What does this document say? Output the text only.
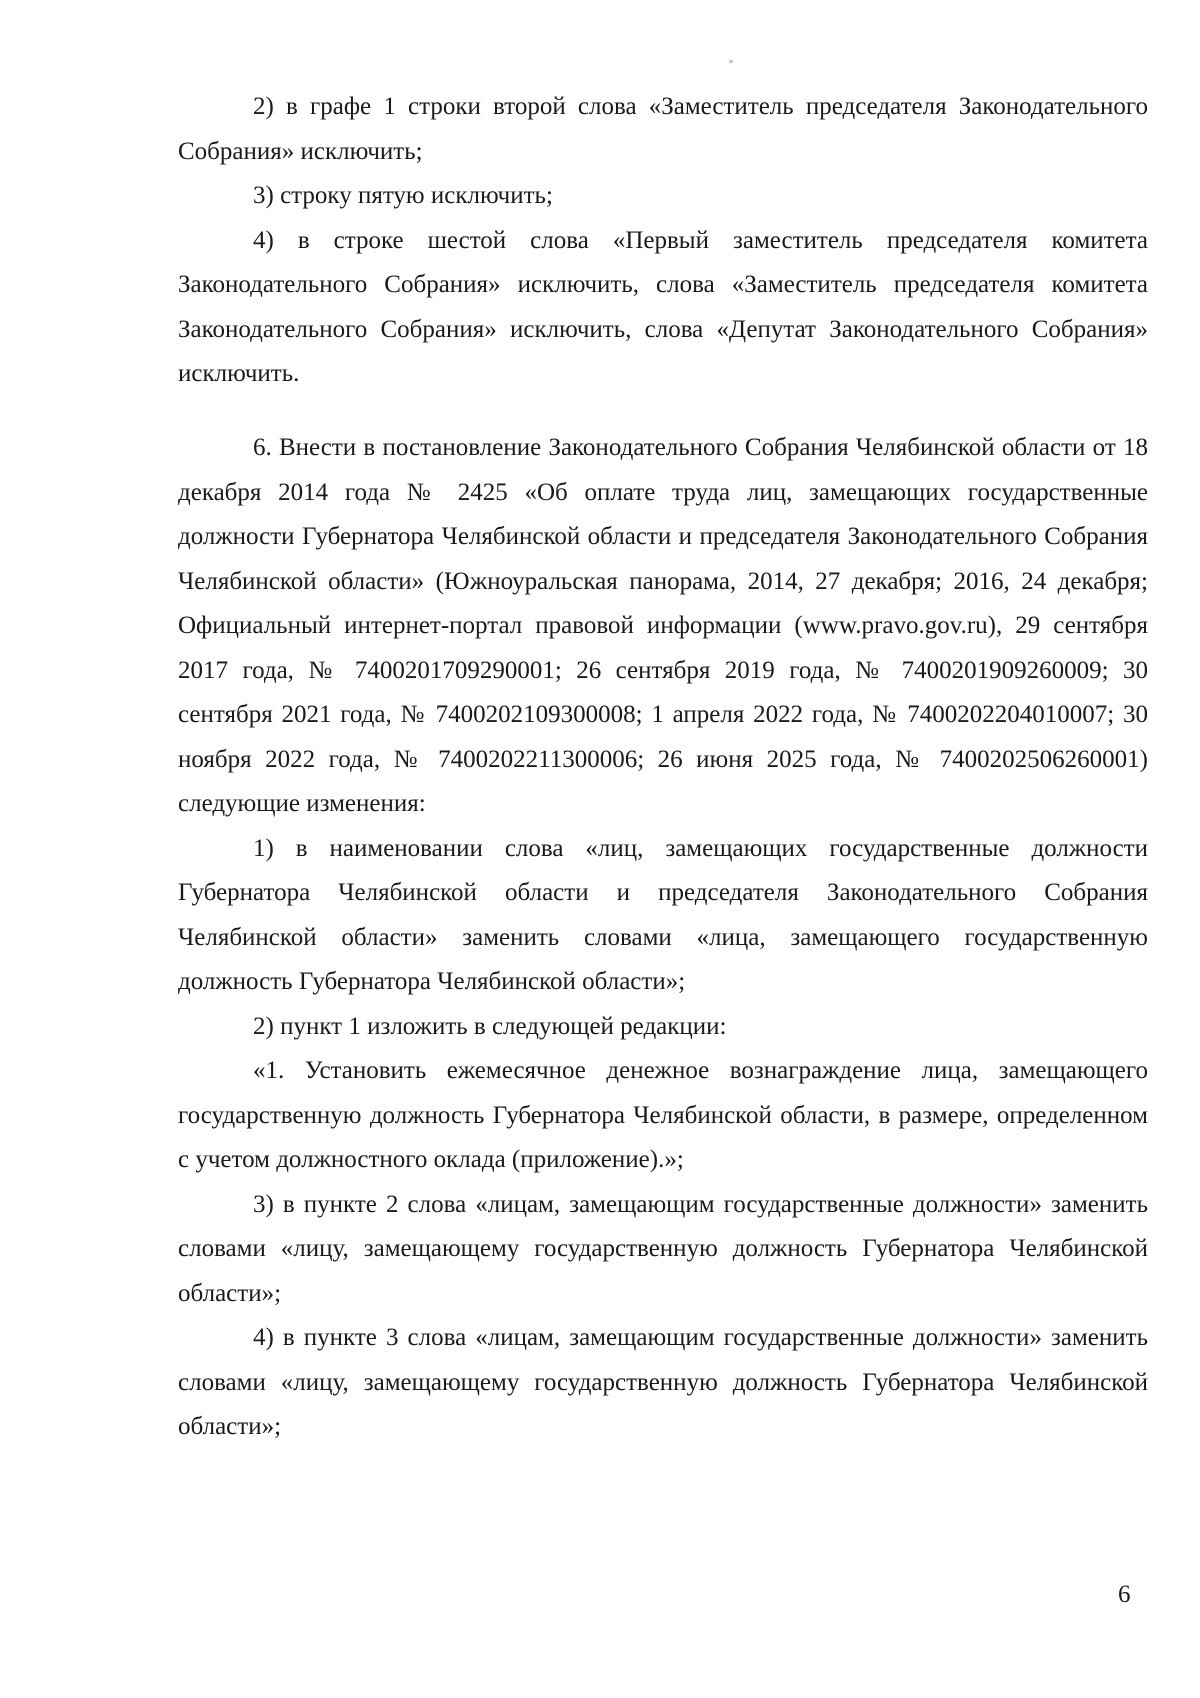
2) в графе 1 строки второй слова «Заместитель председателя Законодательного Собрания» исключить;

3) строку пятую исключить;

4) в строке шестой слова «Первый заместитель председателя комитета Законодательного Собрания» исключить, слова «Заместитель председателя комитета Законодательного Собрания» исключить, слова «Депутат Законодательного Собрания» исключить.

6. Внести в постановление Законодательного Собрания Челябинской области от 18 декабря 2014 года № 2425 «Об оплате труда лиц, замещающих государственные должности Губернатора Челябинской области и председателя Законодательного Собрания Челябинской области» (Южноуральская панорама, 2014, 27 декабря; 2016, 24 декабря; Официальный интернет-портал правовой информации (www.pravo.gov.ru), 29 сентября 2017 года, № 7400201709290001; 26 сентября 2019 года, № 7400201909260009; 30 сентября 2021 года, № 7400202109300008; 1 апреля 2022 года, № 7400202204010007; 30 ноября 2022 года, № 7400202211300006; 26 июня 2025 года, № 7400202506260001) следующие изменения:

1) в наименовании слова «лиц, замещающих государственные должности Губернатора Челябинской области и председателя Законодательного Собрания Челябинской области» заменить словами «лица, замещающего государственную должность Губернатора Челябинской области»;

2) пункт 1 изложить в следующей редакции:

«1. Установить ежемесячное денежное вознаграждение лица, замещающего государственную должность Губернатора Челябинской области, в размере, определенном с учетом должностного оклада (приложение).»;

3) в пункте 2 слова «лицам, замещающим государственные должности» заменить словами «лицу, замещающему государственную должность Губернатора Челябинской области»;

4) в пункте 3 слова «лицам, замещающим государственные должности» заменить словами «лицу, замещающему государственную должность Губернатора Челябинской области»;

6
